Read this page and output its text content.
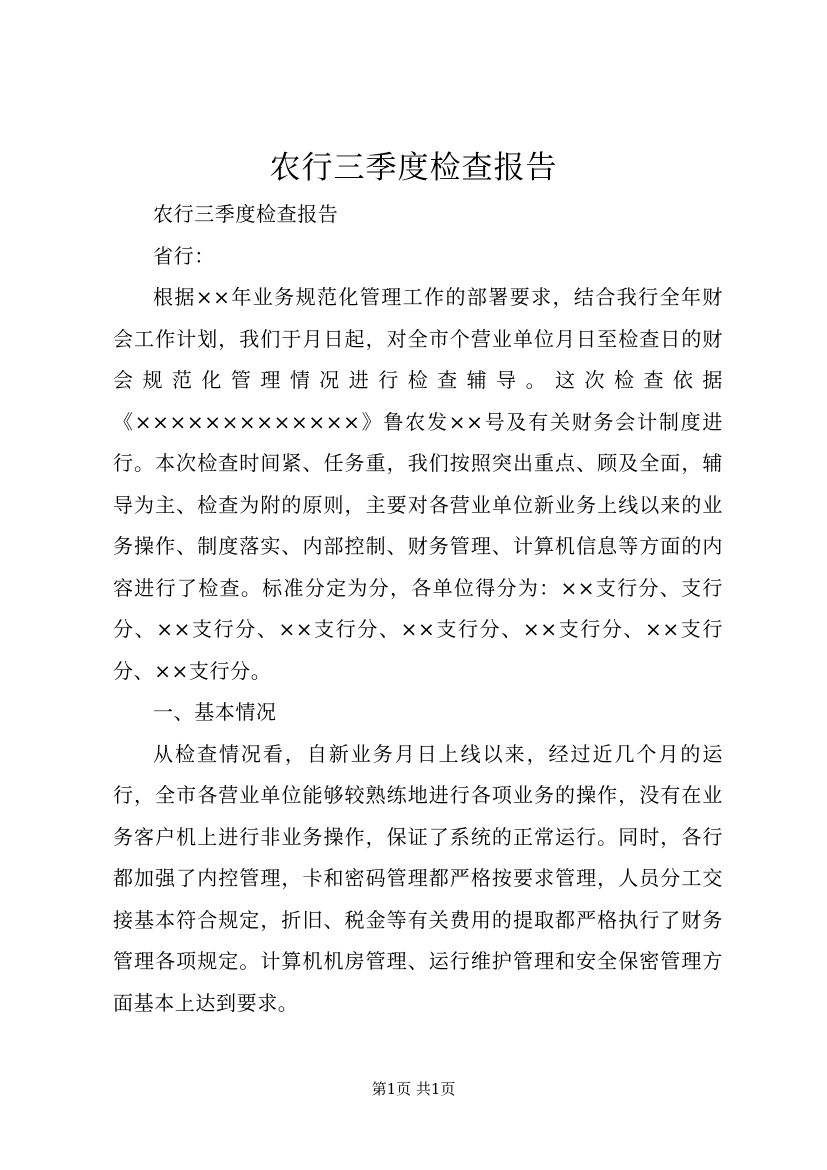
农行三季度检查报告

农行三季度检查报告

省行：

根据××年业务规范化管理工作的部署要求，结合我行全年财会工作计划，我们于月日起，对全市个营业单位月日至检查日的财会规范化管理情况进行检查辅导。这次检查依据《×××××××××××××》鲁农发××号及有关财务会计制度进行。本次检查时间紧、任务重，我们按照突出重点、顾及全面，辅导为主、检查为附的原则，主要对各营业单位新业务上线以来的业务操作、制度落实、内部控制、财务管理、计算机信息等方面的内容进行了检查。标准分定为分，各单位得分为：××支行分、支行分、××支行分、××支行分、××支行分、××支行分、××支行分、××支行分。

一、基本情况

从检查情况看，自新业务月日上线以来，经过近几个月的运行，全市各营业单位能够较熟练地进行各项业务的操作，没有在业务客户机上进行非业务操作，保证了系统的正常运行。同时，各行都加强了内控管理，卡和密码管理都严格按要求管理，人员分工交接基本符合规定，折旧、税金等有关费用的提取都严格执行了财务管理各项规定。计算机机房管理、运行维护管理和安全保密管理方面基本上达到要求。

第1页 共1页
